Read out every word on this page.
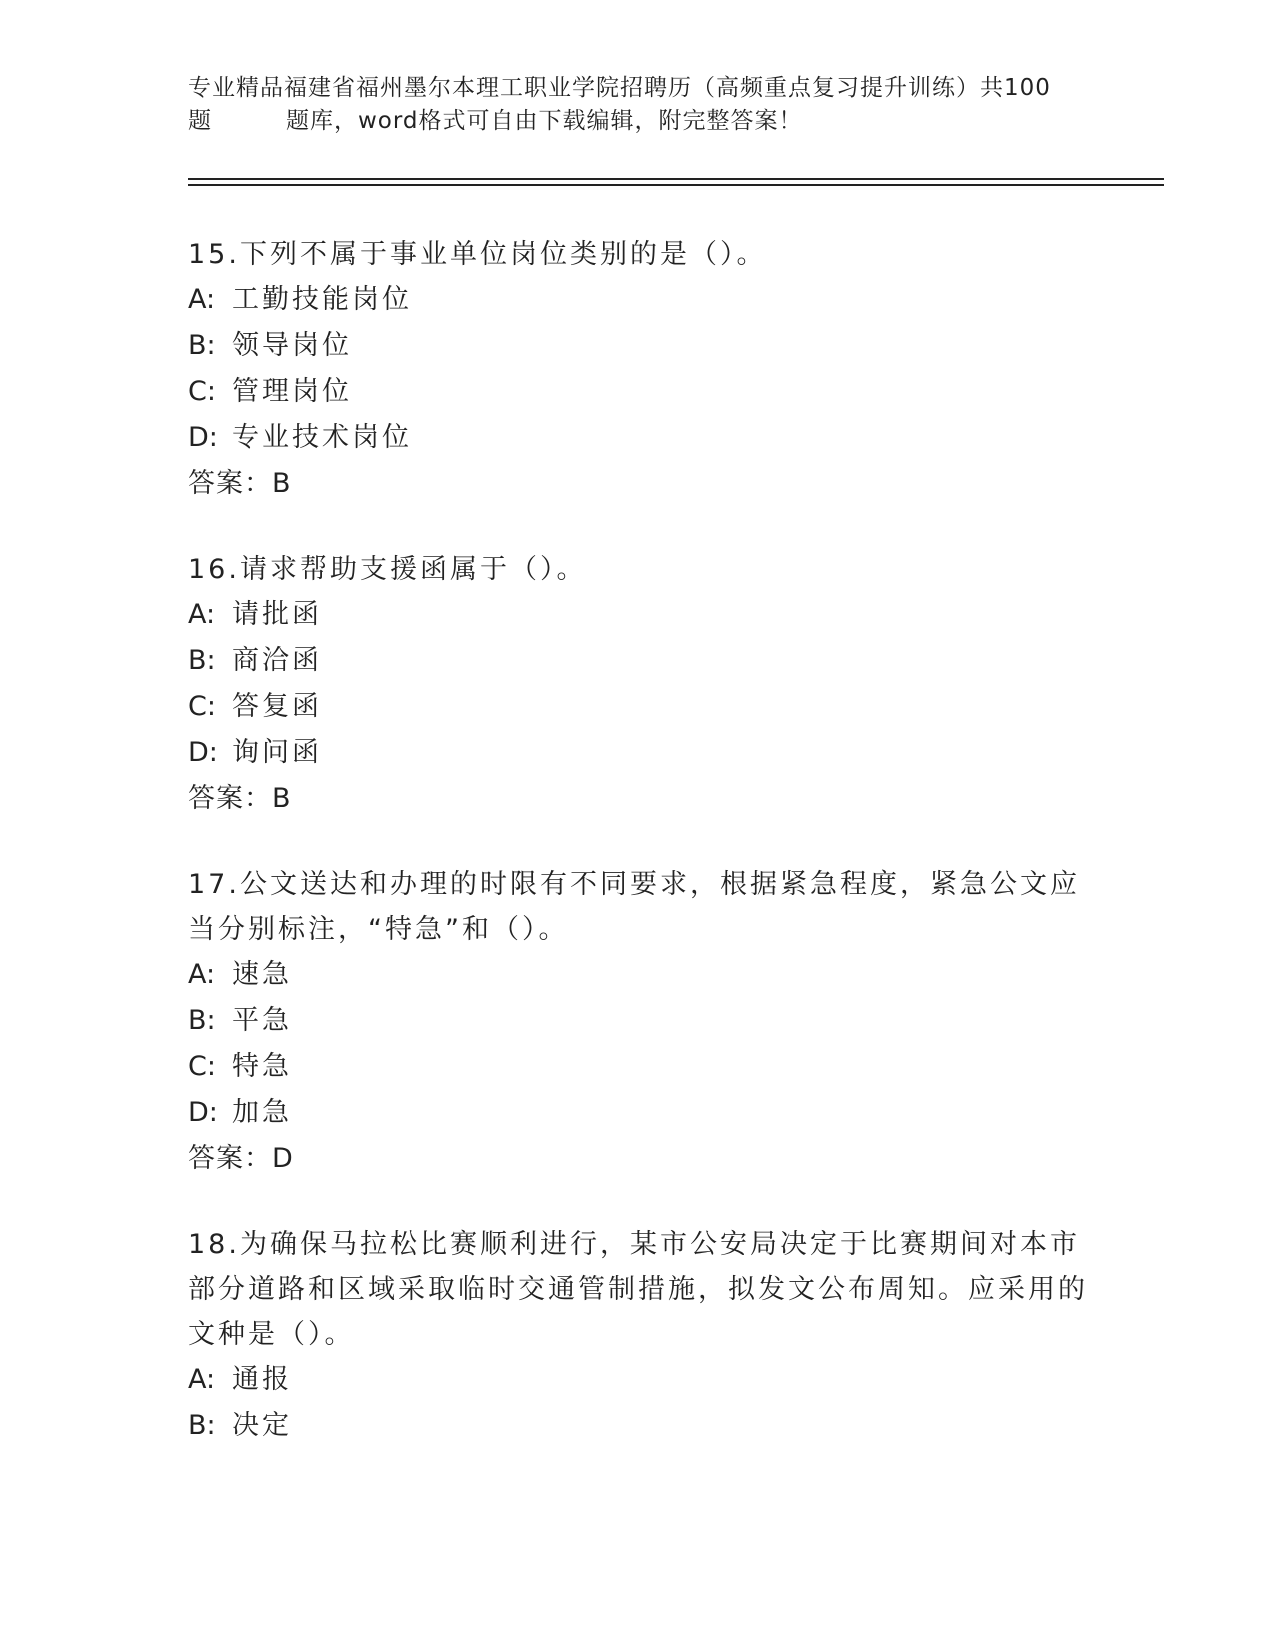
专业精品福建省福州墨尔本理工职业学院招聘历（高频重点复习提升训练）共100
题	题库，word格式可自由下载编辑，附完整答案！

15.下列不属于事业单位岗位类别的是（）。

A: 工勤技能岗位
B: 领导岗位
C: 管理岗位
D: 专业技术岗位
答案：B

16.请求帮助支援函属于（）。

A: 请批函
B: 商洽函
C: 答复函
D: 询问函
答案：B

17.公文送达和办理的时限有不同要求，根据紧急程度，紧急公文应当分别标注，“特急”和（）。

A: 速急
B: 平急
C: 特急
D: 加急
答案：D

18.为确保马拉松比赛顺利进行，某市公安局决定于比赛期间对本市部分道路和区域采取临时交通管制措施，拟发文公布周知。应采用的文种是（）。

A: 通报
B: 决定
